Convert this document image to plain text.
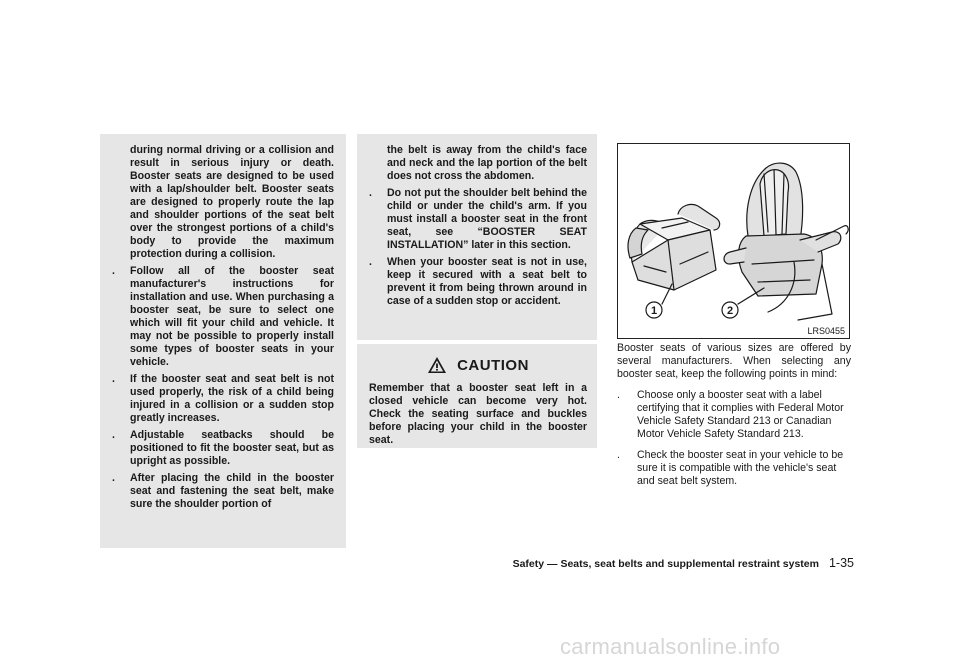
during normal driving or a collision and result in serious injury or death. Booster seats are designed to be used with a lap/shoulder belt. Booster seats are designed to properly route the lap and shoulder portions of the seat belt over the strongest portions of a child's body to provide the maximum protection during a collision.

.	Follow all of the booster seat manufacturer's instructions for installation and use. When purchasing a booster seat, be sure to select one which will fit your child and vehicle. It may not be possible to properly install some types of booster seats in your vehicle.

.	If the booster seat and seat belt is not used properly, the risk of a child being injured in a collision or a sudden stop greatly increases.

.	Adjustable seatbacks should be positioned to fit the booster seat, but as upright as possible.

.	After placing the child in the booster seat and fastening the seat belt, make sure the shoulder portion of

the belt is away from the child's face and neck and the lap portion of the belt does not cross the abdomen.

.	Do not put the shoulder belt behind the child or under the child's arm. If you must install a booster seat in the front seat, see “BOOSTER SEAT INSTALLATION” later in this section.

.	When your booster seat is not in use, keep it secured with a seat belt to prevent it from being thrown around in case of a sudden stop or accident.

CAUTION

Remember that a booster seat left in a closed vehicle can become very hot. Check the seating surface and buckles before placing your child in the booster seat.

1	2
LRS0455

Booster seats of various sizes are offered by several manufacturers. When selecting any booster seat, keep the following points in mind:

.	Choose only a booster seat with a label certifying that it complies with Federal Motor Vehicle Safety Standard 213 or Canadian Motor Vehicle Safety Standard 213.

.	Check the booster seat in your vehicle to be sure it is compatible with the vehicle's seat and seat belt system.

Safety — Seats, seat belts and supplemental restraint system 1-35
carmanualsonline.info
